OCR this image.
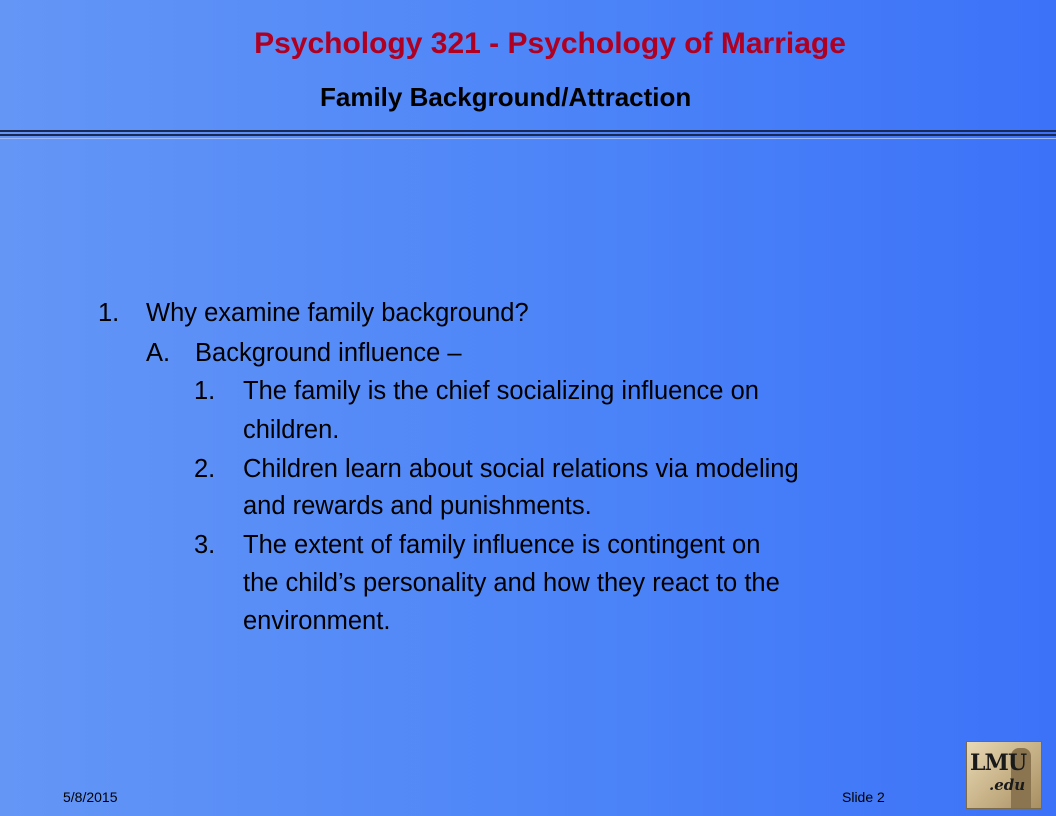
Psychology 321 - Psychology of Marriage
Family Background/Attraction
1. Why examine family background?
A. Background influence –
1. The family is the chief socializing influence on
children.
2. Children learn about social relations via modeling
and rewards and punishments.
3. The extent of family influence is contingent on
the child’s personality and how they react to the
environment.
5/8/2015	Slide 2
LMU
.edu
